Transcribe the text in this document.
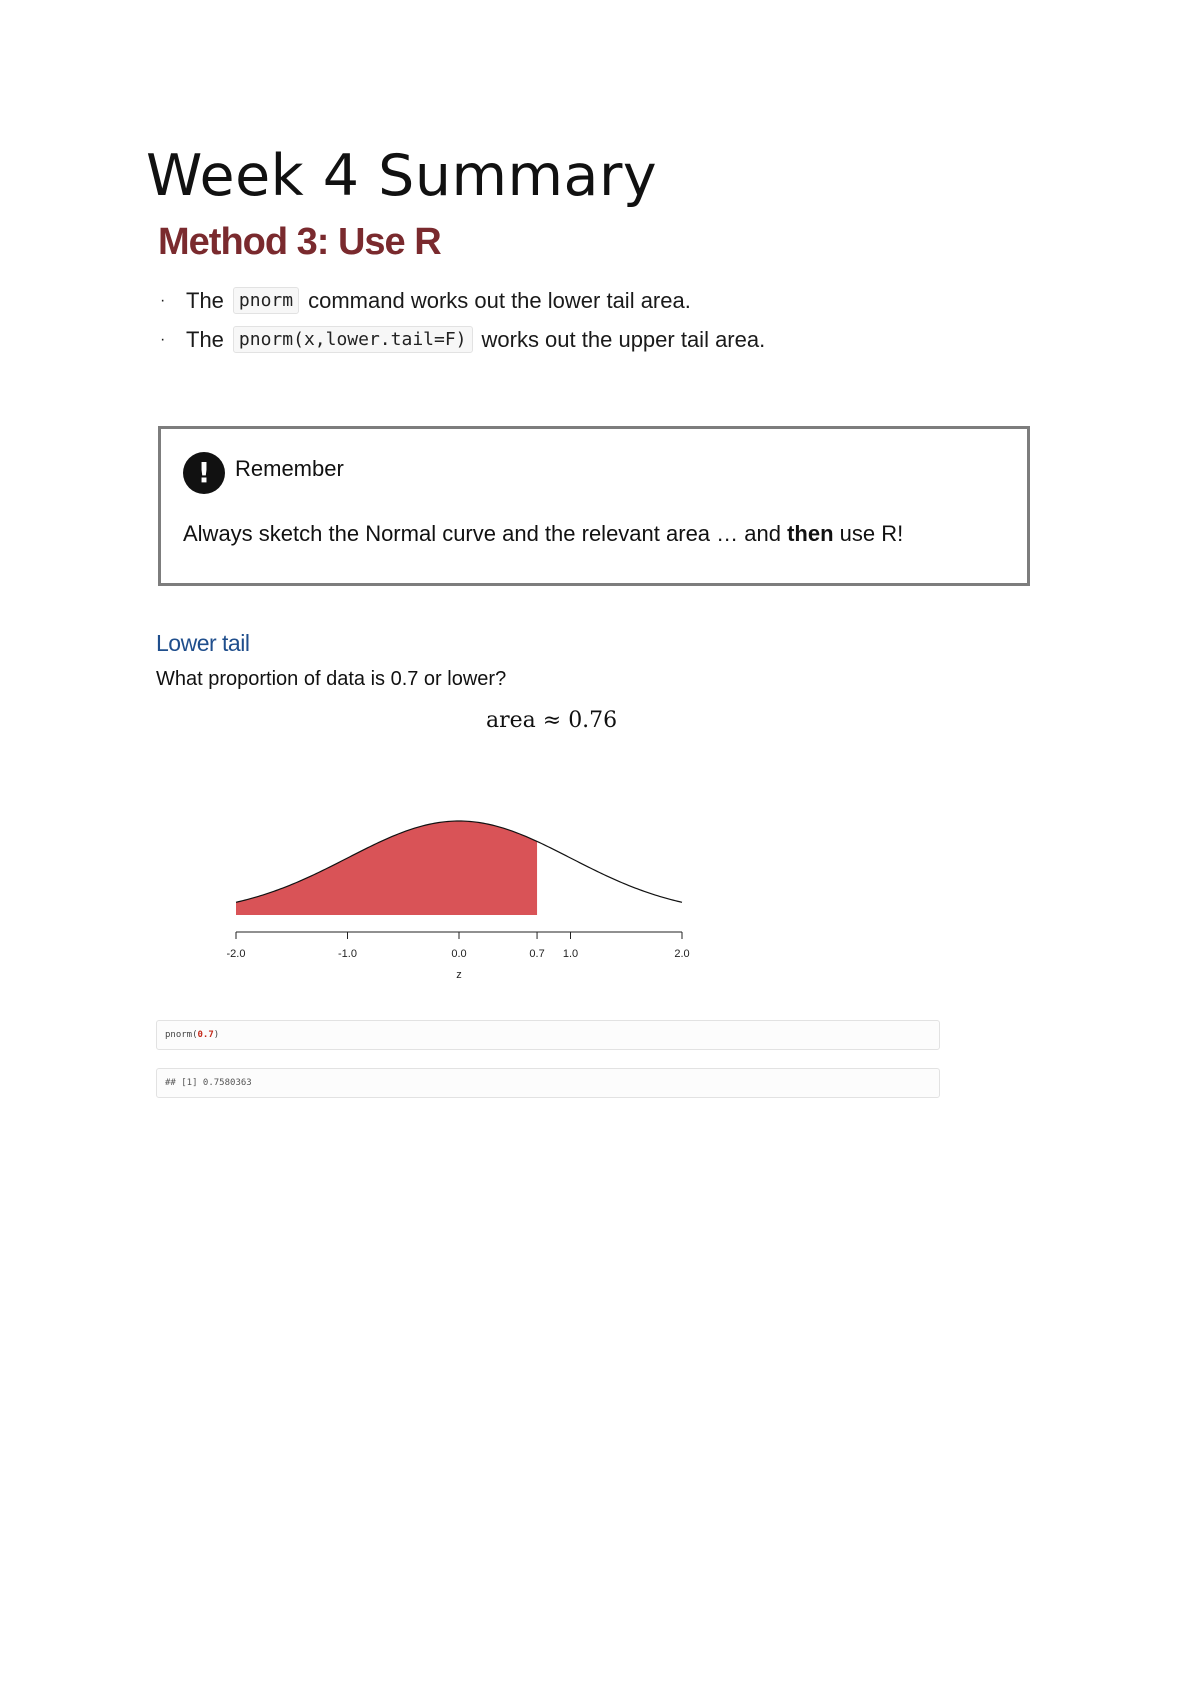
Week 4 Summary
Method 3: Use R
· The pnorm command works out the lower tail area.
· The pnorm(x,lower.tail=F) works out the upper tail area.
!	Remember
Always sketch the Normal curve and the relevant area … and then use R!
Lower tail

What proportion of data is 0.7 or lower?

area ≈ 0.76
-2.0	-1.0	0.0	0.7 1.0	2.0
z
pnorm(0.7)
## [1] 0.7580363
